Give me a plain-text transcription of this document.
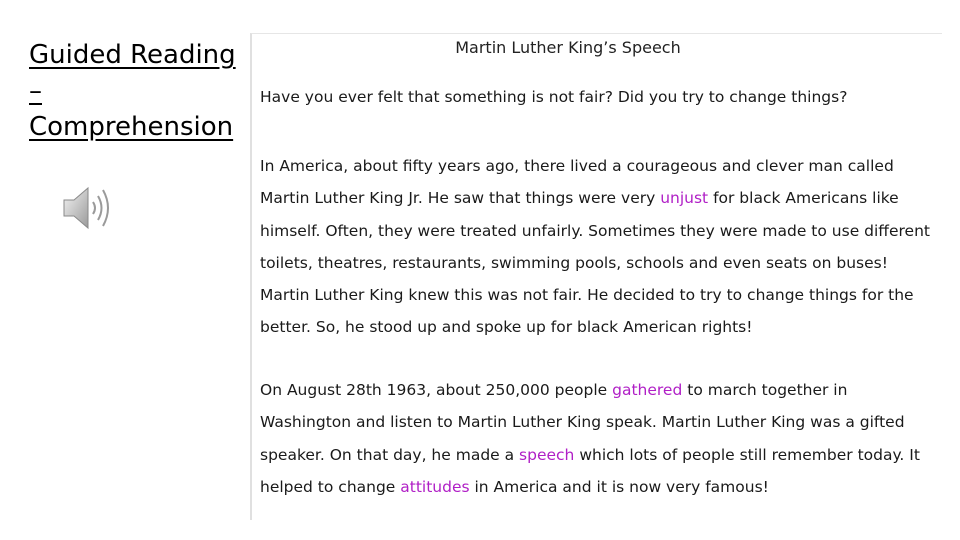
Guided Reading – Comprehension
Martin Luther King’s Speech
Have you ever felt that something is not fair? Did you try to change things?
In America, about fifty years ago, there lived a courageous and clever man called Martin Luther King Jr. He saw that things were very unjust for black Americans like himself. Often, they were treated unfairly. Sometimes they were made to use different toilets, theatres, restaurants, swimming pools, schools and even seats on buses! Martin Luther King knew this was not fair. He decided to try to change things for the better. So, he stood up and spoke up for black American rights!
On August 28th 1963, about 250,000 people gathered to march together in Washington and listen to Martin Luther King speak. Martin Luther King was a gifted speaker. On that day, he made a speech which lots of people still remember today. It helped to change attitudes in America and it is now very famous!
